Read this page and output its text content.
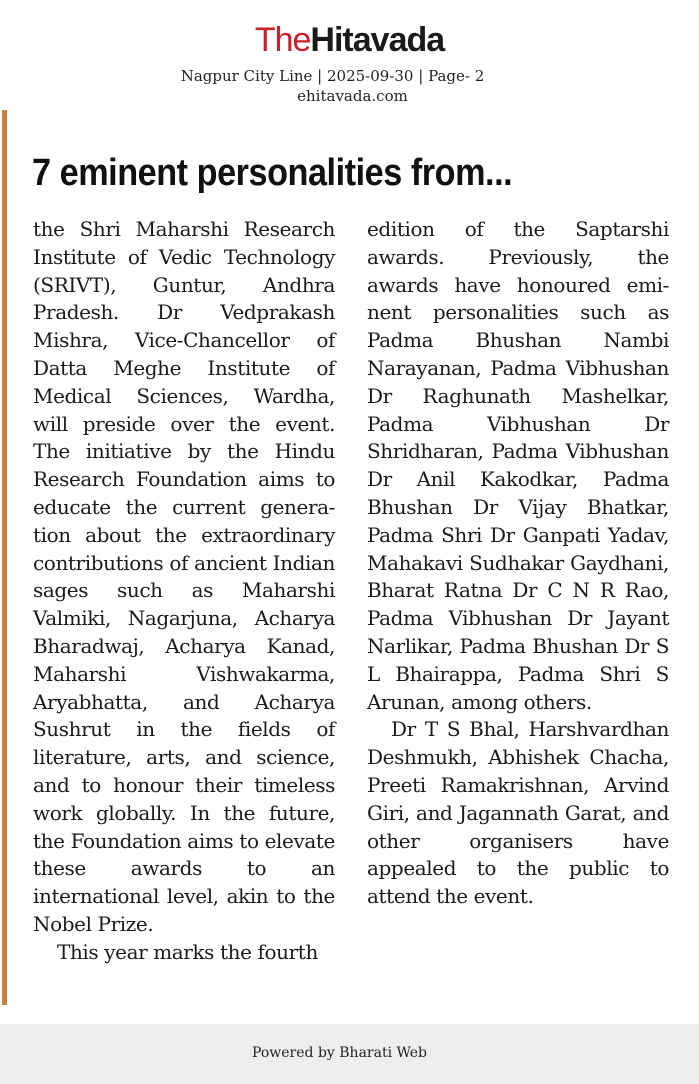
TheHitavada
Nagpur City Line | 2025-09-30 | Page- 2
ehitavada.com
7 eminent personalities from...

the Shri Maharshi Research Institute of Vedic Technology (SRIVT), Guntur, Andhra Pradesh. Dr Vedprakash Mishra, Vice-Chancellor of Datta Meghe Institute of Medical Sciences, Wardha, will preside over the event. The initiative by the Hindu Research Foundation aims to educate the current genera-tion about the extraordinary contributions of ancient Indian sages such as Maharshi Valmiki, Nagarjuna, Acharya Bharadwaj, Acharya Kanad, Maharshi Vishwakarma, Aryabhatta, and Acharya Sushrut in the fields of literature, arts, and science, and to honour their timeless work globally. In the future, the Foundation aims to elevate these awards to an international level, akin to the Nobel Prize.

This year marks the fourth

edition of the Saptarshi awards. Previously, the awards have honoured emi-nent personalities such as Padma Bhushan Nambi Narayanan, Padma Vibhushan Dr Raghunath Mashelkar, Padma Vibhushan Dr Shridharan, Padma Vibhushan Dr Anil Kakodkar, Padma Bhushan Dr Vijay Bhatkar, Padma Shri Dr Ganpati Yadav, Mahakavi Sudhakar Gaydhani, Bharat Ratna Dr C N R Rao, Padma Vibhushan Dr Jayant Narlikar, Padma Bhushan Dr S L Bhairappa, Padma Shri S Arunan, among others.

Dr T S Bhal, Harshvardhan Deshmukh, Abhishek Chacha, Preeti Ramakrishnan, Arvind Giri, and Jagannath Garat, and other organisers have appealed to the public to attend the event.

Powered by Bharati Web
